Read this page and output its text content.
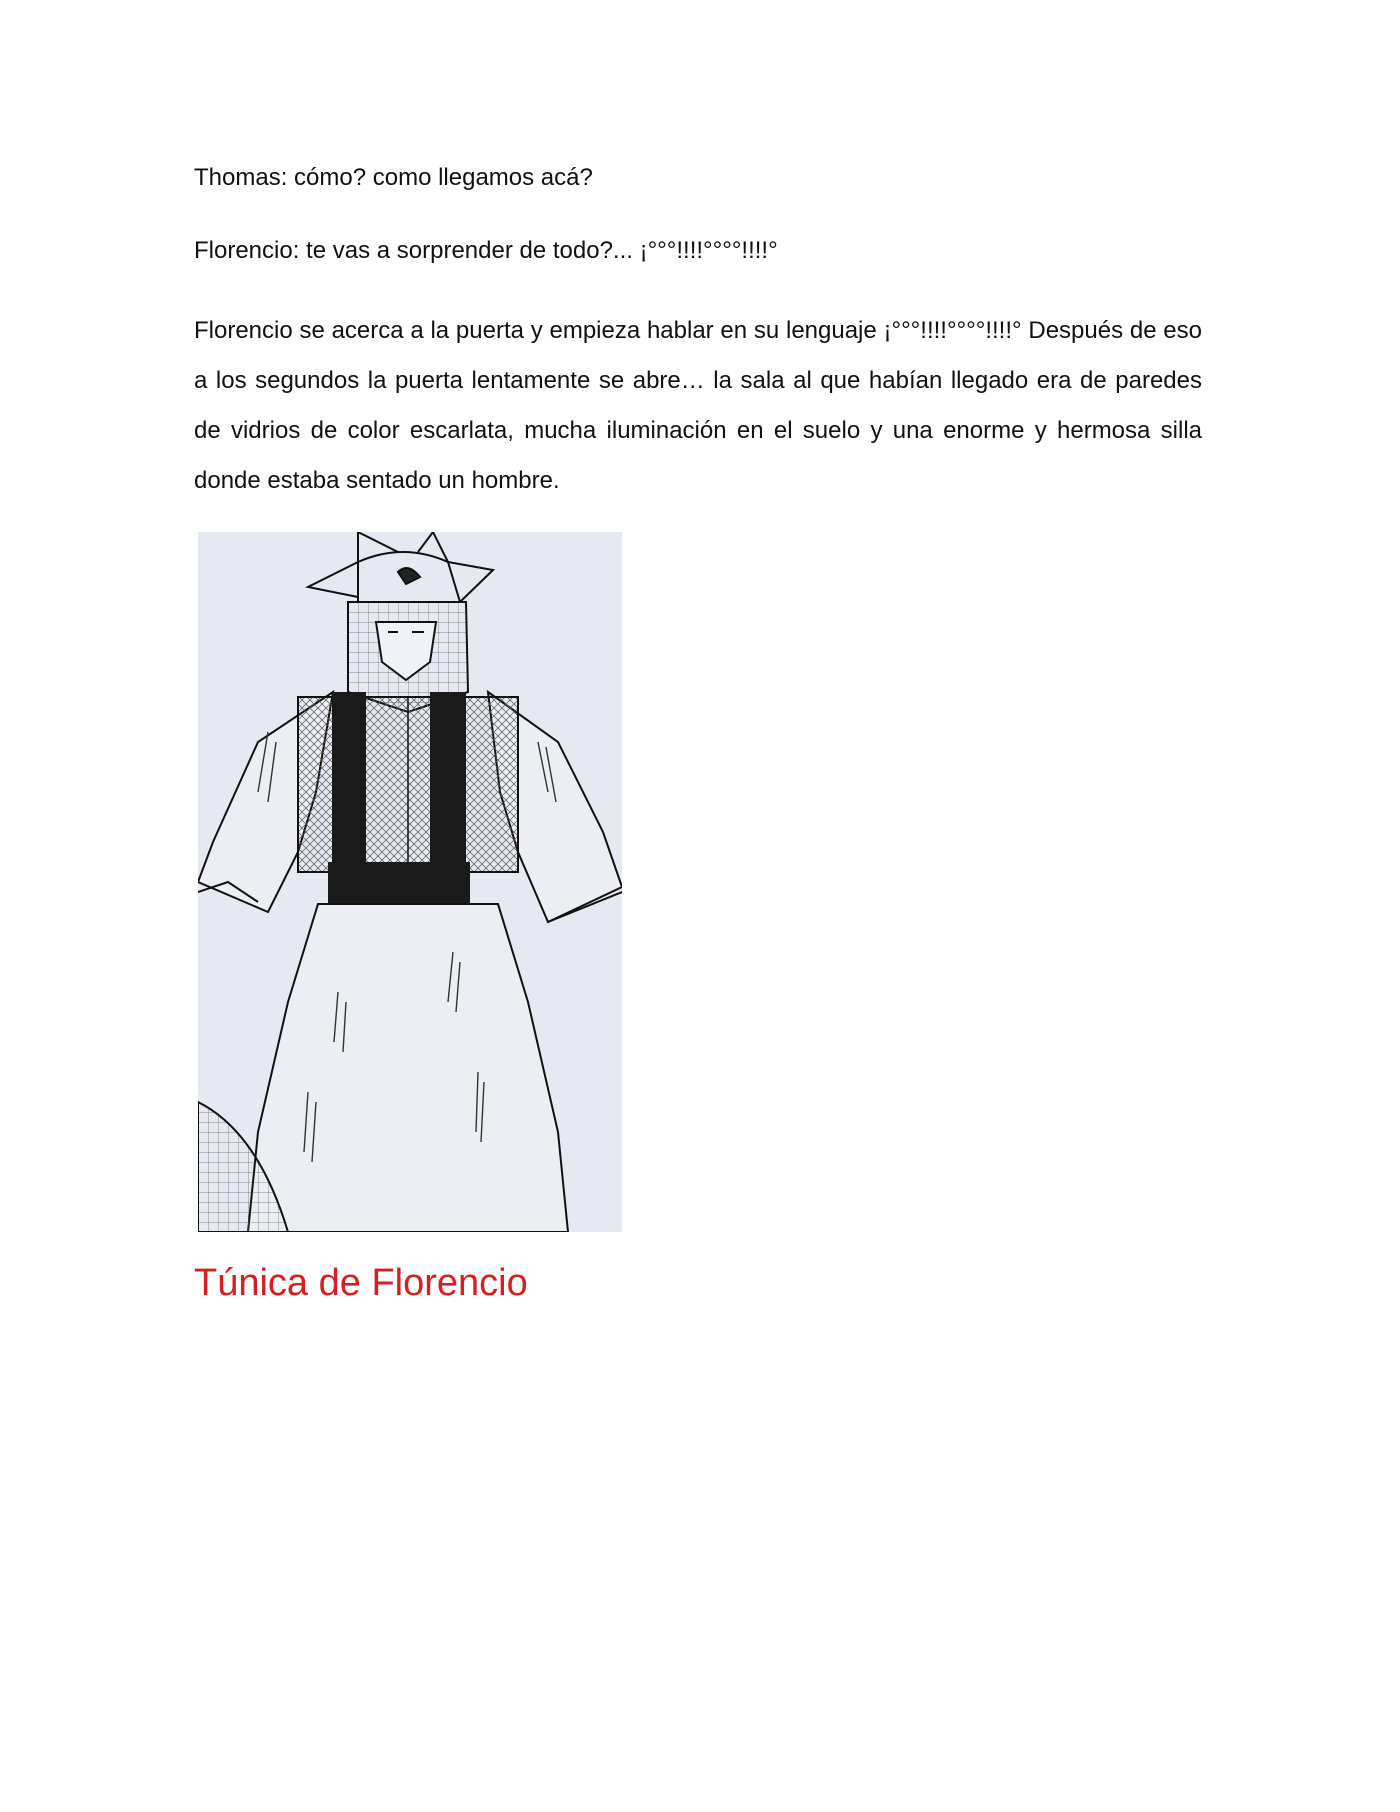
Thomas: cómo? como llegamos acá?
Florencio: te vas a sorprender de todo?... ¡°°°!!!!°°°°!!!!°
Florencio se acerca a la puerta y empieza hablar en su lenguaje ¡°°°!!!!°°°°!!!!° Después de eso a los segundos la puerta lentamente se abre… la sala al que habían llegado era de paredes de vidrios de color escarlata, mucha iluminación en el suelo y una enorme y hermosa silla donde estaba sentado un hombre.
Túnica de Florencio
